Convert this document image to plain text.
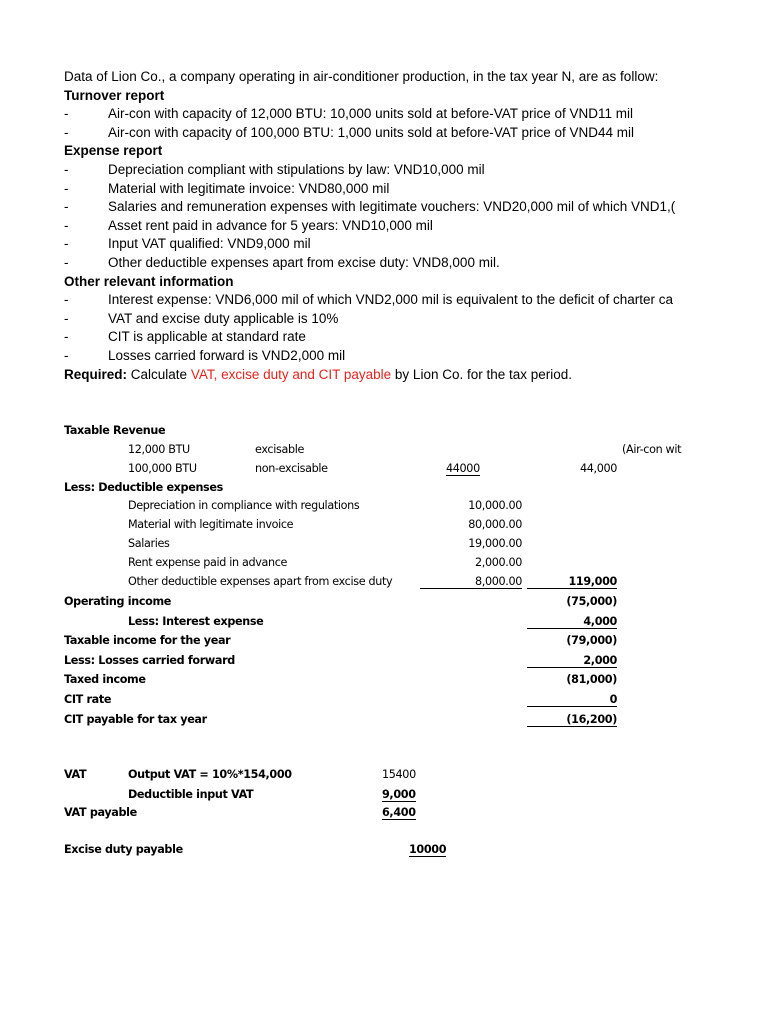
Data of Lion Co., a company operating in air-conditioner production, in the tax year N, are as follow:
Turnover report
-	Air-con with capacity of 12,000 BTU: 10,000 units sold at before-VAT price of VND11 mil
-	Air-con with capacity of 100,000 BTU: 1,000 units sold at before-VAT price of VND44 mil
Expense report
-	Depreciation compliant with stipulations by law: VND10,000 mil
-	Material with legitimate invoice: VND80,000 mil
-	Salaries and remuneration expenses with legitimate vouchers: VND20,000 mil of which VND1,(
-	Asset rent paid in advance for 5 years: VND10,000 mil
-	Input VAT qualified: VND9,000 mil
-	Other deductible expenses apart from excise duty: VND8,000 mil.
Other relevant information
-	Interest expense: VND6,000 mil of which VND2,000 mil is equivalent to the deficit of charter ca
-	VAT and excise duty applicable is 10%
-	CIT is applicable at standard rate
-	Losses carried forward is VND2,000 mil
Required: Calculate VAT, excise duty and CIT payable by Lion Co. for the tax period.
Taxable Revenue
12,000 BTU	excisable	(Air-con wit
100,000 BTU	non-excisable	44000	44,000
Less: Deductible expenses
Depreciation in compliance with regulations	10,000.00
Material with legitimate invoice	80,000.00
Salaries	19,000.00
Rent expense paid in advance	2,000.00
Other deductible expenses apart from excise duty	8,000.00	119,000
Operating income	(75,000)
Less: Interest expense	4,000
Taxable income for the year	(79,000)
Less: Losses carried forward	2,000
Taxed income	(81,000)
CIT rate	0
CIT payable for tax year	(16,200)
VAT	Output VAT = 10%*154,000	15400
Deductible input VAT	9,000
VAT payable	6,400
Excise duty payable	10000
